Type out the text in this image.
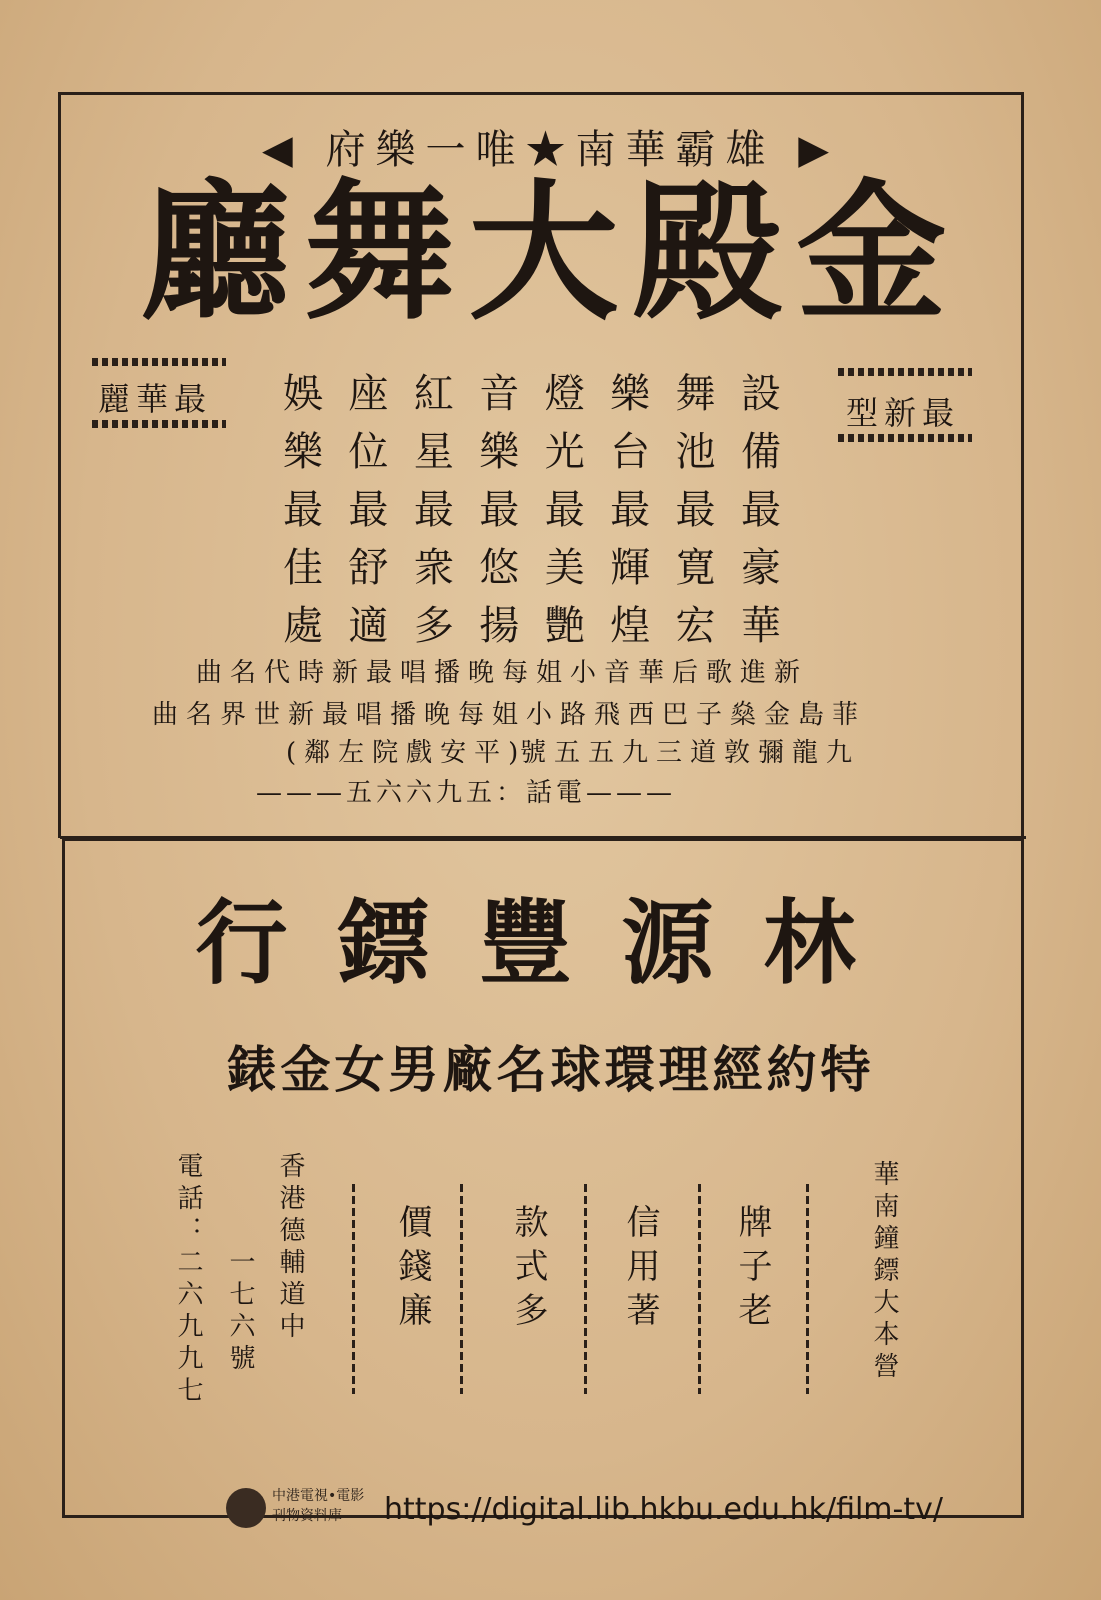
◀ 府樂一唯★南華霸雄 ▶
廳舞大殿金
麗華最	型新最
娛 座 紅 音 燈 樂 舞 設
樂 位 星 樂 光 台 池 備
最 最 最 最 最 最 最 最
佳 舒 衆 悠 美 輝 寛 豪
處 適 多 揚 艷 煌 宏 華
曲名代時新最唱播晚每姐小音華后歌進新
曲名界世新最唱播晚每姐小路飛西巴子燊金島菲
(鄰左院戲安平)
號五五九三道敦彌龍九
———五六六九五：話電———
行鏢豐源林
錶金女男廠名球環理經約特
華南鐘鏢大本營
牌子老
信用著
款式多
價錢廉
香港德輔道中
一七六號
電話：二六九九七
中港電視•電影
刊物資料庫	https://digital.lib.hkbu.edu.hk/film-tv/
